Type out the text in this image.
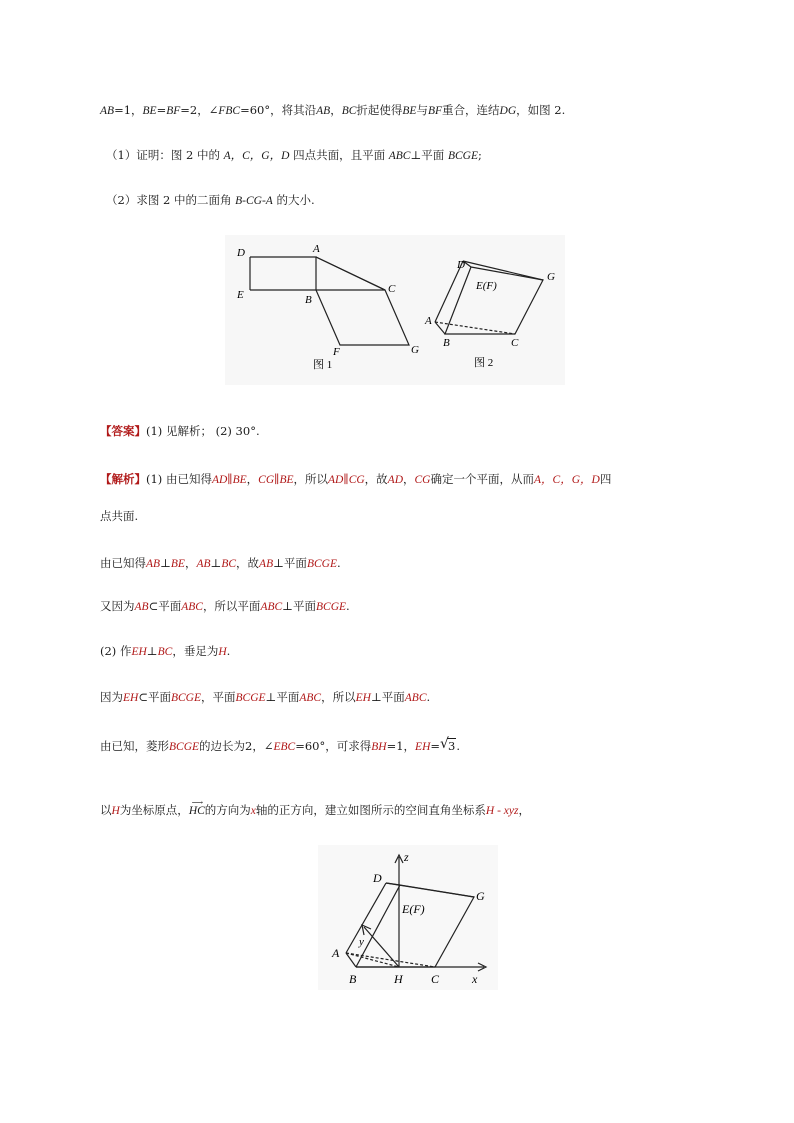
AB=1，BE=BF=2，∠FBC=60°，将其沿AB，BC折起使得BE与BF重合，连结DG，如图 2.
（1）证明：图 2 中的 A，C，G，D 四点共面，且平面 ABC⊥平面 BCGE;
（2）求图 2 中的二面角 B-CG-A 的大小.
D	A
E	B
C
F	G
图 1
D
G
E(F)
A
B	C
图 2
【答案】(1) 见解析； (2) 30°.
【解析】(1) 由已知得AD∥BE，CG∥BE，所以AD∥CG，故AD，CG确定一个平面，从而A，C，G，D四
点共面.
由已知得AB⊥BE，AB⊥BC，故AB⊥平面BCGE.
又因为AB⊂平面ABC，所以平面ABC⊥平面BCGE.
(2) 作EH⊥BC，垂足为H.
因为EH⊂平面BCGE，平面BCGE⊥平面ABC，所以EH⊥平面ABC.
由已知，菱形BCGE的边长为2，∠EBC=60°，可求得BH=1，EH= √ 3.
以H为坐标原点，
⟶
HC的方向为x轴的正方向，建立如图所示的空间直角坐标系H - xyz，
z
D
G
E(F)
y
A
B	H C	x
